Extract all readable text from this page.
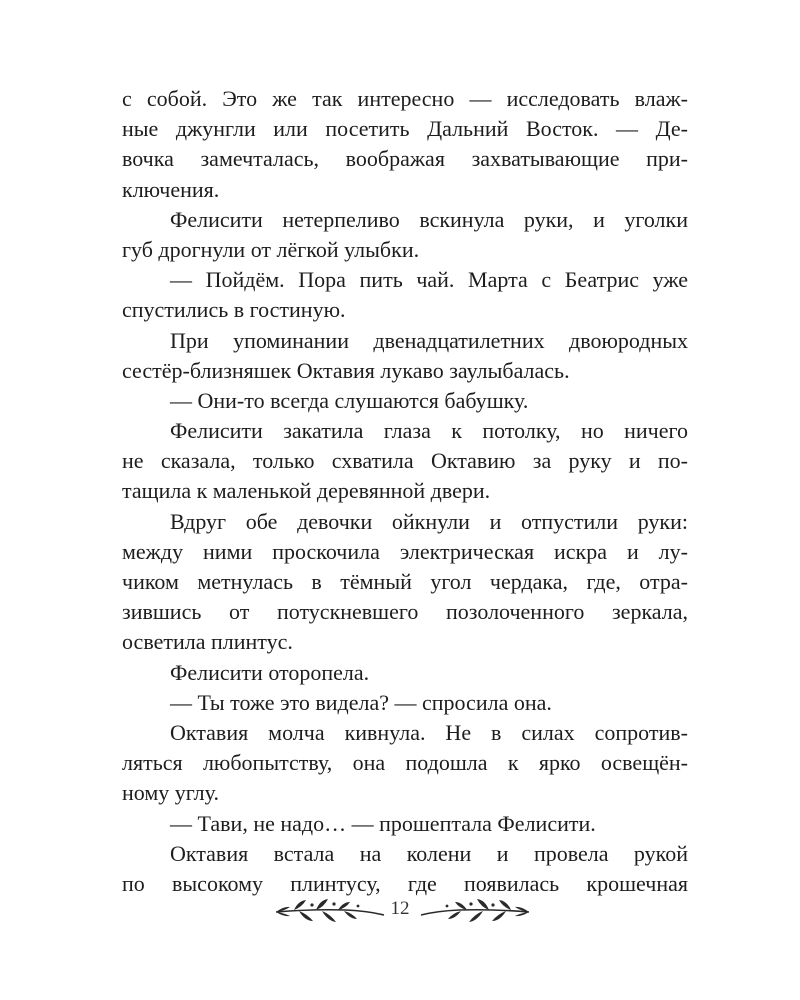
с собой. Это же так интересно — исследовать влаж-
ные джунгли или посетить Дальний Восток. — Де-
вочка замечталась, воображая захватывающие при-
ключения.
Фелисити нетерпеливо вскинула руки, и уголки
губ дрогнули от лёгкой улыбки.
— Пойдём. Пора пить чай. Марта с Беатрис уже
спустились в гостиную.
При упоминании двенадцатилетних двоюродных
сестёр-близняшек Октавия лукаво заулыбалась.
— Они-то всегда слушаются бабушку.
Фелисити закатила глаза к потолку, но ничего
не сказала, только схватила Октавию за руку и по-
тащила к маленькой деревянной двери.
Вдруг обе девочки ойкнули и отпустили руки:
между ними проскочила электрическая искра и лу-
чиком метнулась в тёмный угол чердака, где, отра-
зившись от потускневшего позолоченного зеркала,
осветила плинтус.
Фелисити оторопела.
— Ты тоже это видела? — спросила она.
Октавия молча кивнула. Не в силах сопротив-
ляться любопытству, она подошла к ярко освещён-
ному углу.
— Тави, не надо… — прошептала Фелисити.
Октавия встала на колени и провела рукой
по высокому плинтусу, где появилась крошечная
12
